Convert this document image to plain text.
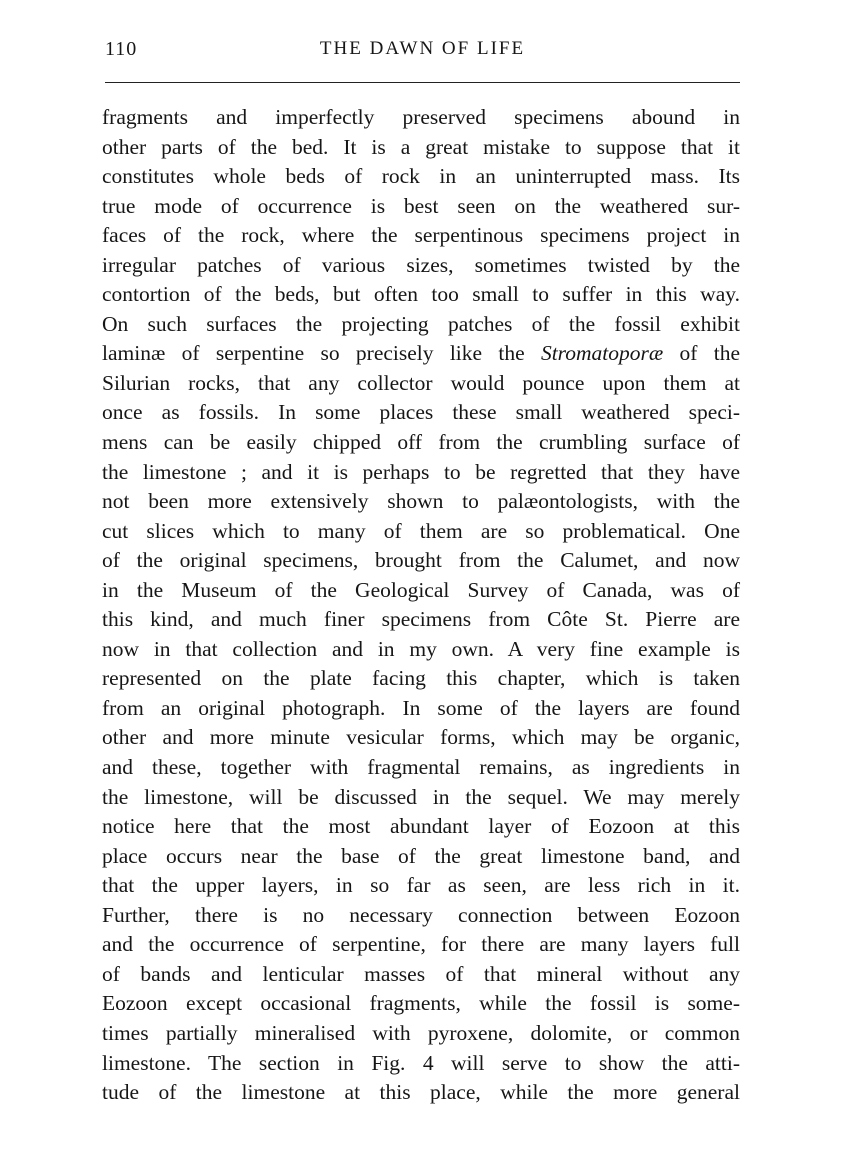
110	THE DAWN OF LIFE
fragments and imperfectly preserved specimens abound in
other parts of the bed. It is a great mistake to suppose that it
constitutes whole beds of rock in an uninterrupted mass. Its
true mode of occurrence is best seen on the weathered sur-
faces of the rock, where the serpentinous specimens project in
irregular patches of various sizes, sometimes twisted by the
contortion of the beds, but often too small to suffer in this way.
On such surfaces the projecting patches of the fossil exhibit
laminæ of serpentine so precisely like the Stromatoporæ of the
Silurian rocks, that any collector would pounce upon them at
once as fossils. In some places these small weathered speci-
mens can be easily chipped off from the crumbling surface of
the limestone ; and it is perhaps to be regretted that they have
not been more extensively shown to palæontologists, with the
cut slices which to many of them are so problematical. One
of the original specimens, brought from the Calumet, and now
in the Museum of the Geological Survey of Canada, was of
this kind, and much finer specimens from Côte St. Pierre are
now in that collection and in my own. A very fine example is
represented on the plate facing this chapter, which is taken
from an original photograph. In some of the layers are found
other and more minute vesicular forms, which may be organic,
and these, together with fragmental remains, as ingredients in
the limestone, will be discussed in the sequel. We may merely
notice here that the most abundant layer of Eozoon at this
place occurs near the base of the great limestone band, and
that the upper layers, in so far as seen, are less rich in it.
Further, there is no necessary connection between Eozoon
and the occurrence of serpentine, for there are many layers full
of bands and lenticular masses of that mineral without any
Eozoon except occasional fragments, while the fossil is some-
times partially mineralised with pyroxene, dolomite, or common
limestone. The section in Fig. 4 will serve to show the atti-
tude of the limestone at this place, while the more general
